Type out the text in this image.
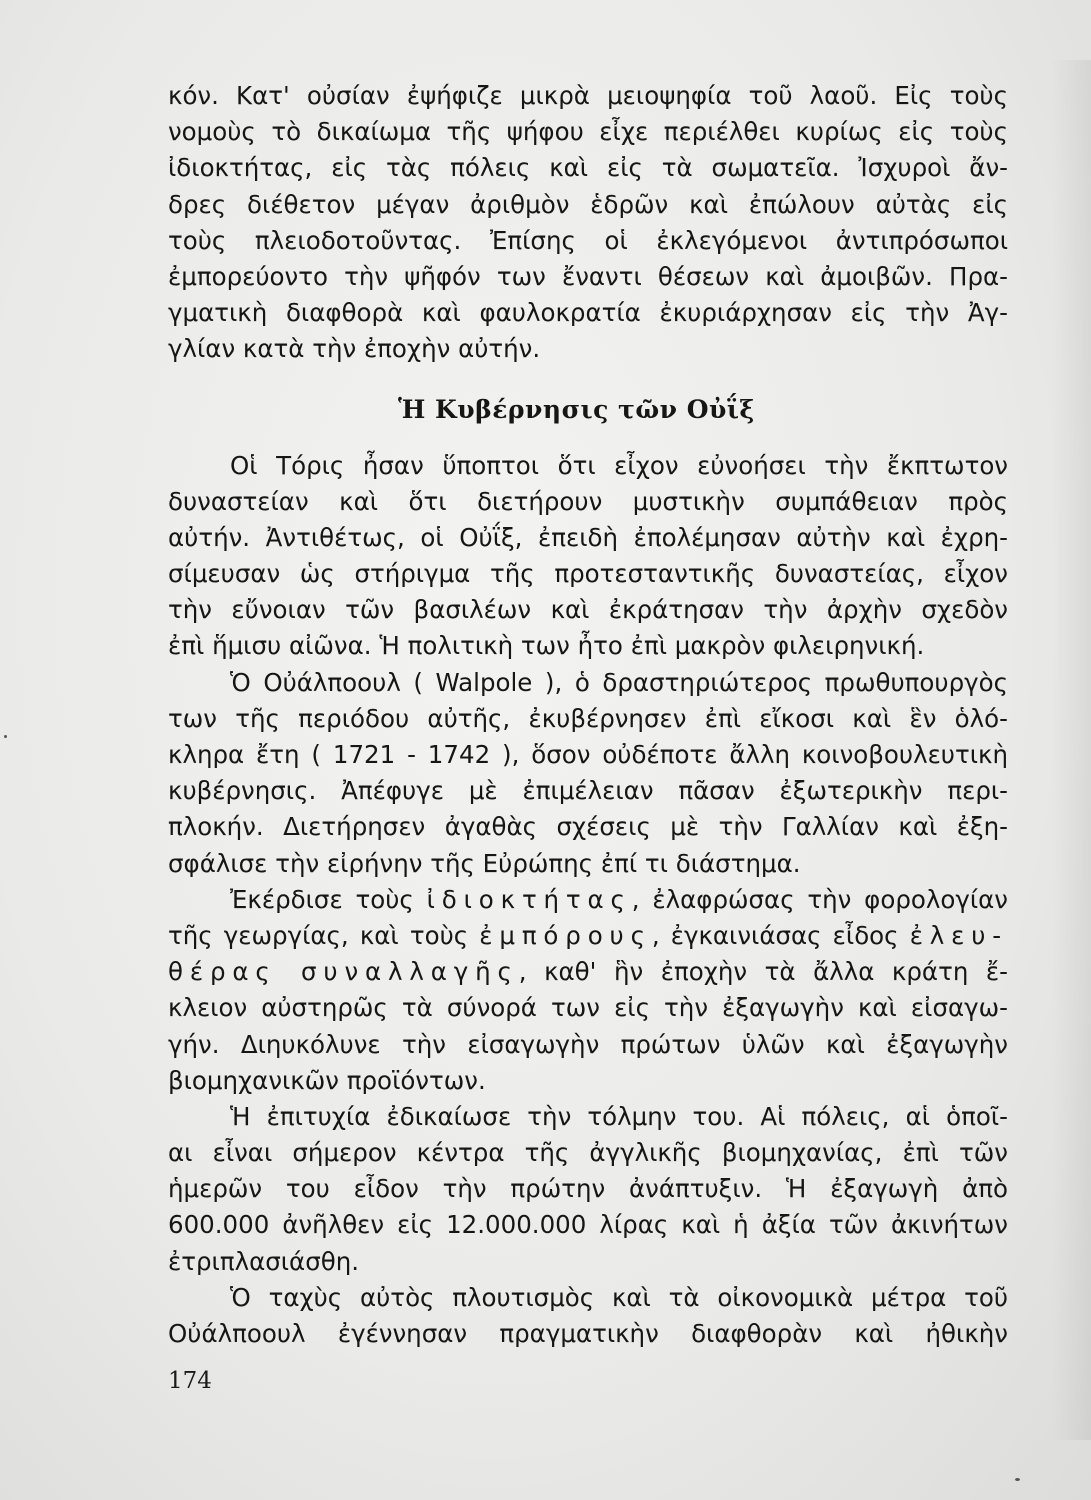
κόν. Κατ' οὐσίαν ἐψήφιζε μικρὰ μειοψηφία τοῦ λαοῦ. Εἰς τοὺς
νομοὺς τὸ δικαίωμα τῆς ψήφου εἶχε περιέλθει κυρίως εἰς τοὺς
ἰδιοκτήτας, εἰς τὰς πόλεις καὶ εἰς τὰ σωματεῖα. Ἰσχυροὶ ἄν-
δρες διέθετον μέγαν ἀριθμὸν ἑδρῶν καὶ ἐπώλουν αὐτὰς εἰς
τοὺς πλειοδοτοῦντας. Ἐπίσης οἱ ἐκλεγόμενοι ἀντιπρόσωποι
ἐμπορεύοντο τὴν ψῆφόν των ἔναντι θέσεων καὶ ἀμοιβῶν. Πρα-
γματικὴ διαφθορὰ καὶ φαυλοκρατία ἐκυριάρχησαν εἰς τὴν Ἀγ-
γλίαν κατὰ τὴν ἐποχὴν αὐτήν.
Ἡ Κυβέρνησις τῶν Οὐΐξ
Οἱ Τόρις ἦσαν ὕποπτοι ὅτι εἶχον εὐνοήσει τὴν ἔκπτωτον
δυναστείαν καὶ ὅτι διετήρουν μυστικὴν συμπάθειαν πρὸς
αὐτήν. Ἀντιθέτως, οἱ Οὐΐξ, ἐπειδὴ ἐπολέμησαν αὐτὴν καὶ ἐχρη-
σίμευσαν ὡς στήριγμα τῆς προτεσταντικῆς δυναστείας, εἶχον
τὴν εὔνοιαν τῶν βασιλέων καὶ ἐκράτησαν τὴν ἀρχὴν σχεδὸν
ἐπὶ ἥμισυ αἰῶνα. Ἡ πολιτικὴ των ἦτο ἐπὶ μακρὸν φιλειρηνική.
Ὁ Οὐάλποουλ ( Walpole ), ὁ δραστηριώτερος πρωθυπουργὸς
των τῆς περιόδου αὐτῆς, ἐκυβέρνησεν ἐπὶ εἴκοσι καὶ ἓν ὁλό-
κληρα ἔτη ( 1721 - 1742 ), ὅσον οὐδέποτε ἄλλη κοινοβουλευτικὴ
κυβέρνησις. Ἀπέφυγε μὲ ἐπιμέλειαν πᾶσαν ἐξωτερικὴν περι-
πλοκήν. Διετήρησεν ἀγαθὰς σχέσεις μὲ τὴν Γαλλίαν καὶ ἐξη-
σφάλισε τὴν εἰρήνην τῆς Εὐρώπης ἐπί τι διάστημα.
Ἐκέρδισε τοὺς ἰδιοκτήτας, ἐλαφρώσας τὴν φορολογίαν
τῆς γεωργίας, καὶ τοὺς ἐμπόρους, ἐγκαινιάσας εἶδος ἐλευ-
θέρας συναλλαγῆς, καθ' ἣν ἐποχὴν τὰ ἄλλα κράτη ἔ-
κλειον αὐστηρῶς τὰ σύνορά των εἰς τὴν ἐξαγωγὴν καὶ εἰσαγω-
γήν. Διηυκόλυνε τὴν εἰσαγωγὴν πρώτων ὑλῶν καὶ ἐξαγωγὴν
βιομηχανικῶν προϊόντων.
Ἡ ἐπιτυχία ἐδικαίωσε τὴν τόλμην του. Αἱ πόλεις, αἱ ὁποῖ-
αι εἶναι σήμερον κέντρα τῆς ἀγγλικῆς βιομηχανίας, ἐπὶ τῶν
ἡμερῶν του εἶδον τὴν πρώτην ἀνάπτυξιν. Ἡ ἐξαγωγὴ ἀπὸ
600.000 ἀνῆλθεν εἰς 12.000.000 λίρας καὶ ἡ ἀξία τῶν ἀκινήτων
ἐτριπλασιάσθη.
Ὁ ταχὺς αὐτὸς πλουτισμὸς καὶ τὰ οἰκονομικὰ μέτρα τοῦ
Οὐάλποουλ ἐγέννησαν πραγματικὴν διαφθορὰν καὶ ἠθικὴν
174
